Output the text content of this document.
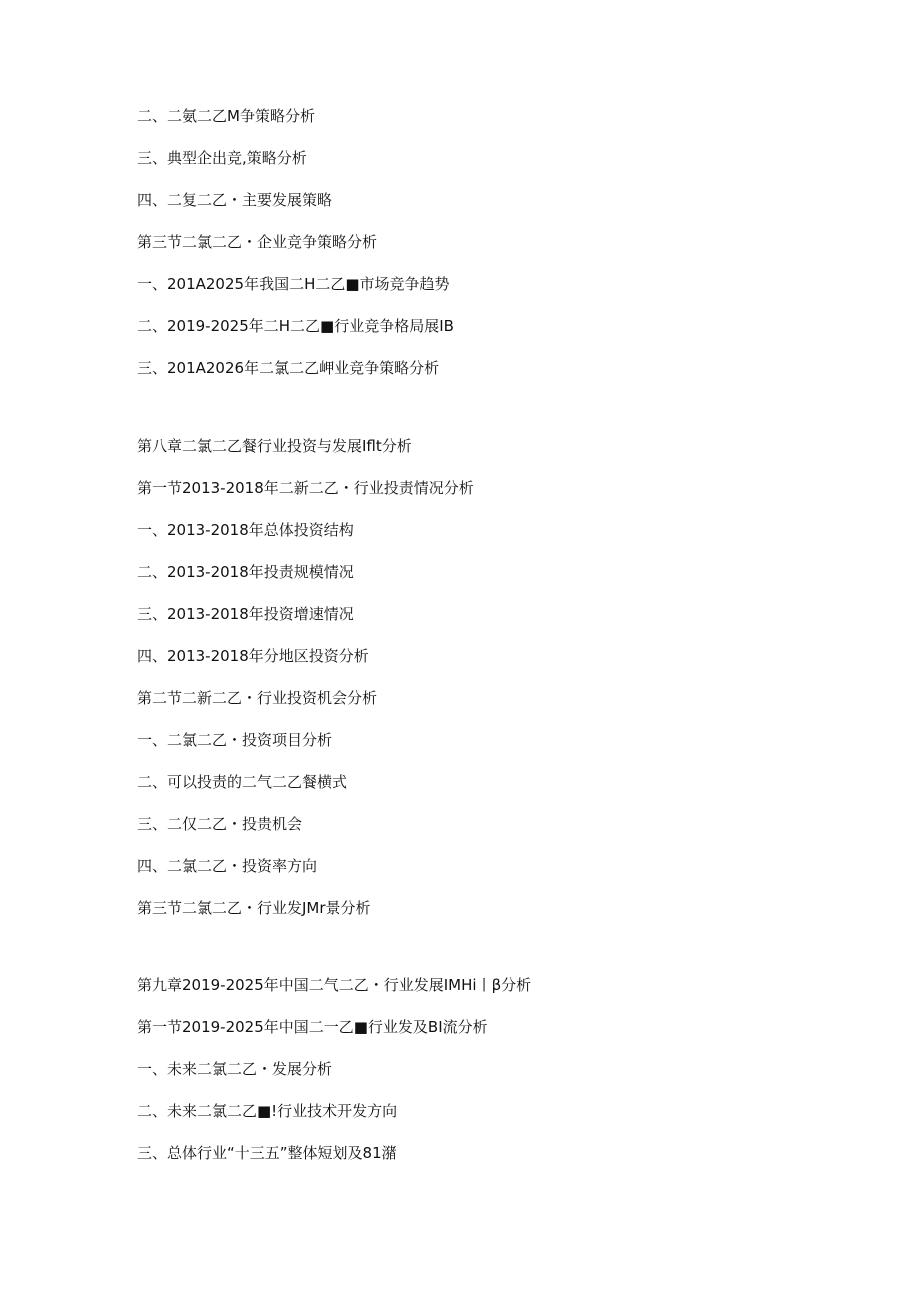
二、二氨二乙M争策略分析
三、典型企出竞,策略分析
四、二复二乙・主要发展策略
第三节二氯二乙・企业竞争策略分析
一、201A2025年我国二H二乙■市场竞争趋势
二、2019-2025年二H二乙■行业竞争格局展IB
三、201A2026年二氯二乙岬业竞争策略分析
第八章二氯二乙餐行业投资与发展Iflt分析
第一节2013-2018年二新二乙・行业投责情况分析
一、2013-2018年总体投资结构
二、2013-2018年投责规模情况
三、2013-2018年投资增速情况
四、2013-2018年分地区投资分析
第二节二新二乙・行业投资机会分析
一、二氯二乙・投资项目分析
二、可以投责的二气二乙餐横式
三、二仅二乙・投贵机会
四、二氯二乙・投资率方向
第三节二氯二乙・行业发JMr景分析
第九章2019-2025年中国二气二乙・行业发展IMHi丨β分析
第一节2019-2025年中国二一乙■行业发及BI流分析
一、未来二氯二乙・发展分析
二、未来二氯二乙■!行业技术开发方向
三、总体行业“十三五”整体短划及81潴
